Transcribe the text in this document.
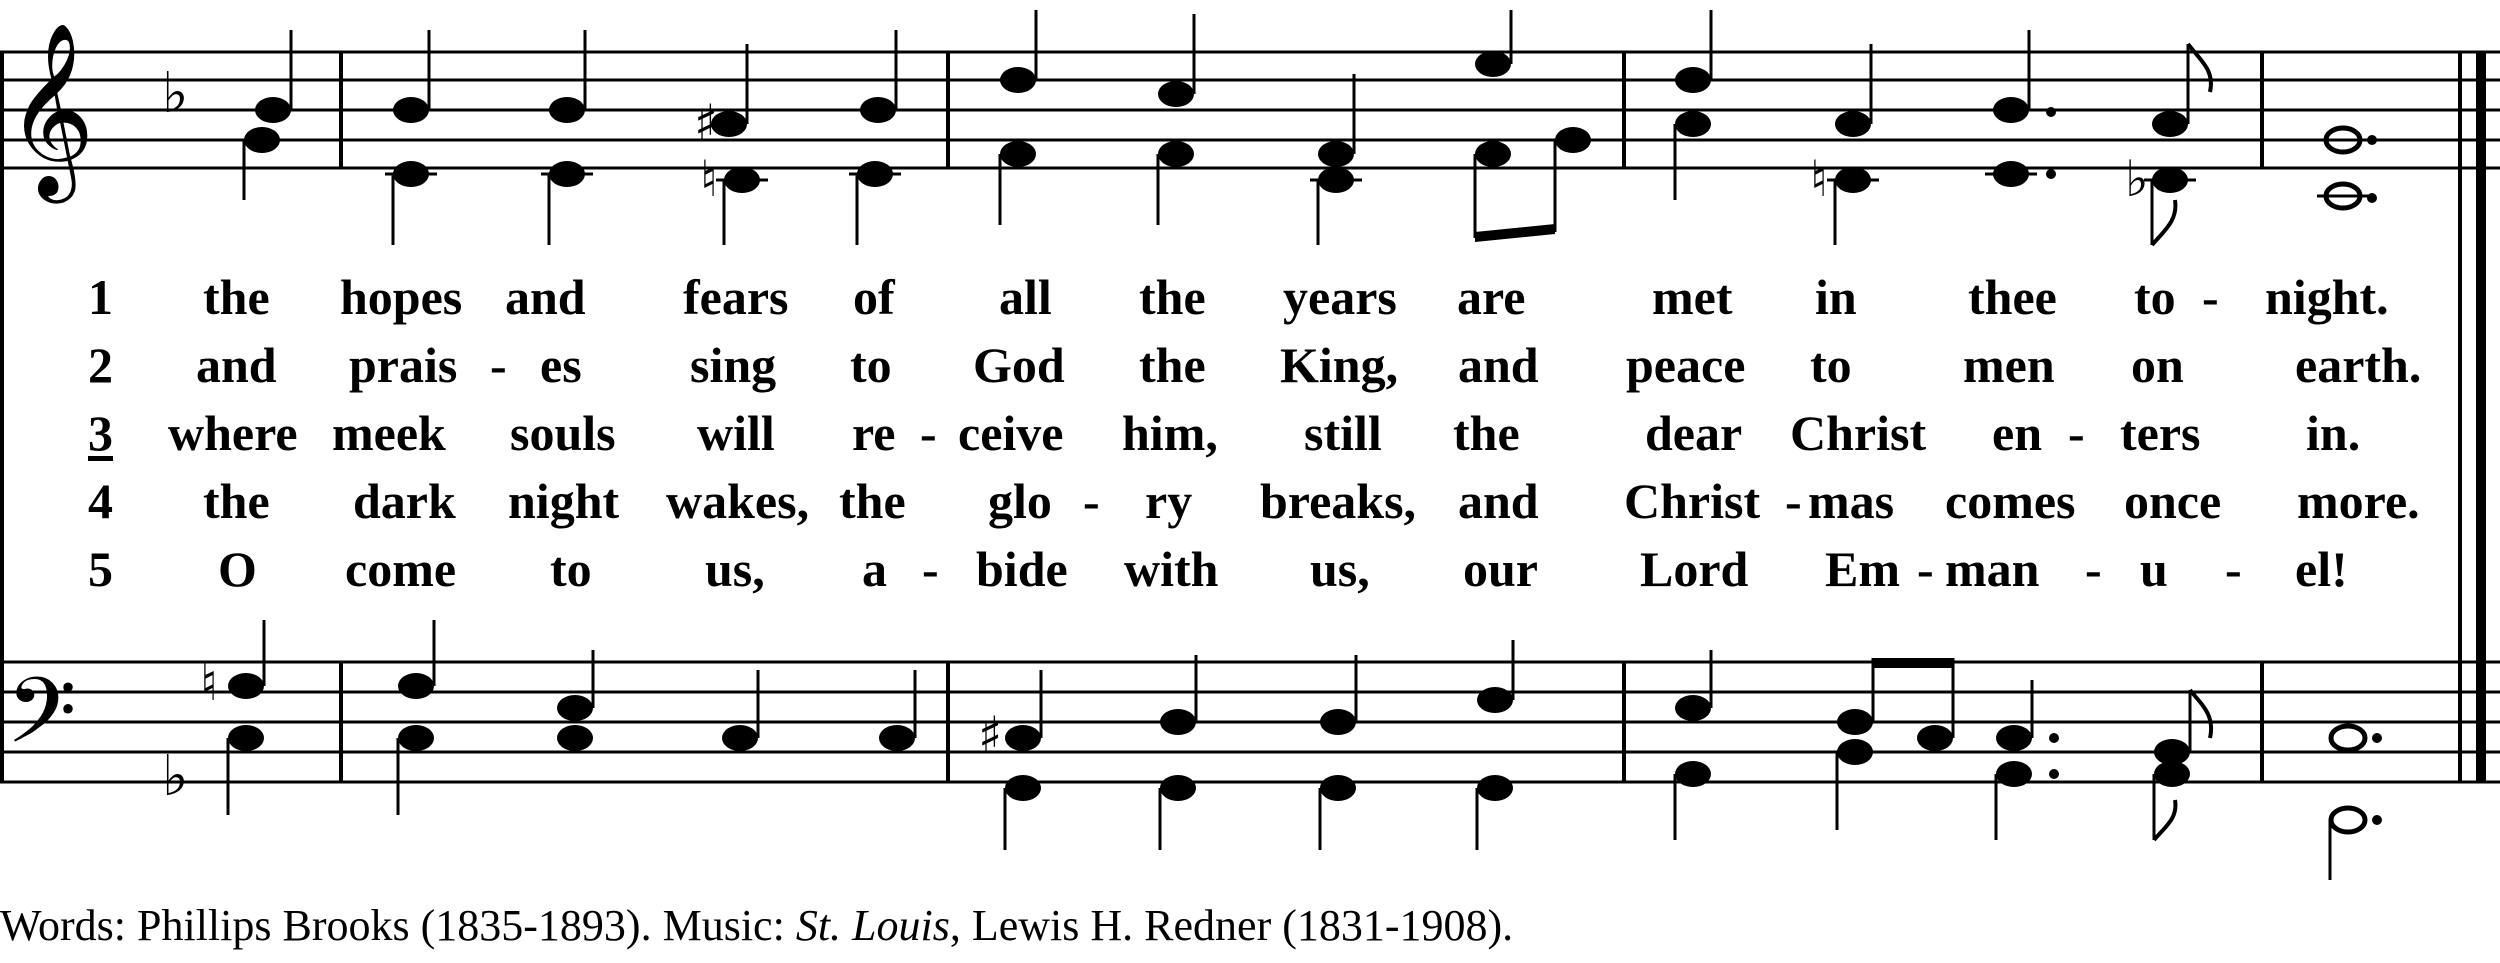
𝄞 ♭
𝄢 ♭
♯
♮	♮	♭
♮
♯
1
2
3
4
5
the hopes and fears of all the years are	met in thee to - night.
and prais - es sing to God the King, and peace to men on earth.
where meek souls will re - ceive him, still the	dear Christ en - ters in.
the dark night wakes, the glo - ry breaks, and Christ - mas comes once more.
O come to us, a - bide with us, our Lord Em - man - u - el!
Words: Phillips Brooks (1835-1893). Music: St. Louis, Lewis H. Redner (1831-1908).
